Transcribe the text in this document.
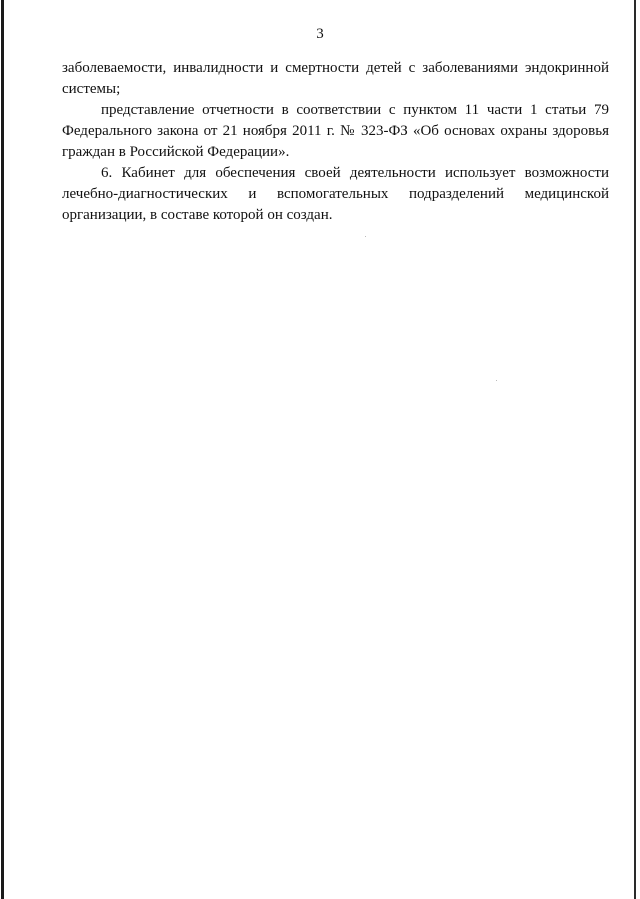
3

заболеваемости, инвалидности и смертности детей с заболеваниями эндокринной системы;

представление отчетности в соответствии с пунктом 11 части 1 статьи 79 Федерального закона от 21 ноября 2011 г. № 323-ФЗ «Об основах охраны здоровья граждан в Российской Федерации».

6. Кабинет для обеспечения своей деятельности использует возможности лечебно-диагностических и вспомогательных подразделений медицинской организации, в составе которой он создан.
